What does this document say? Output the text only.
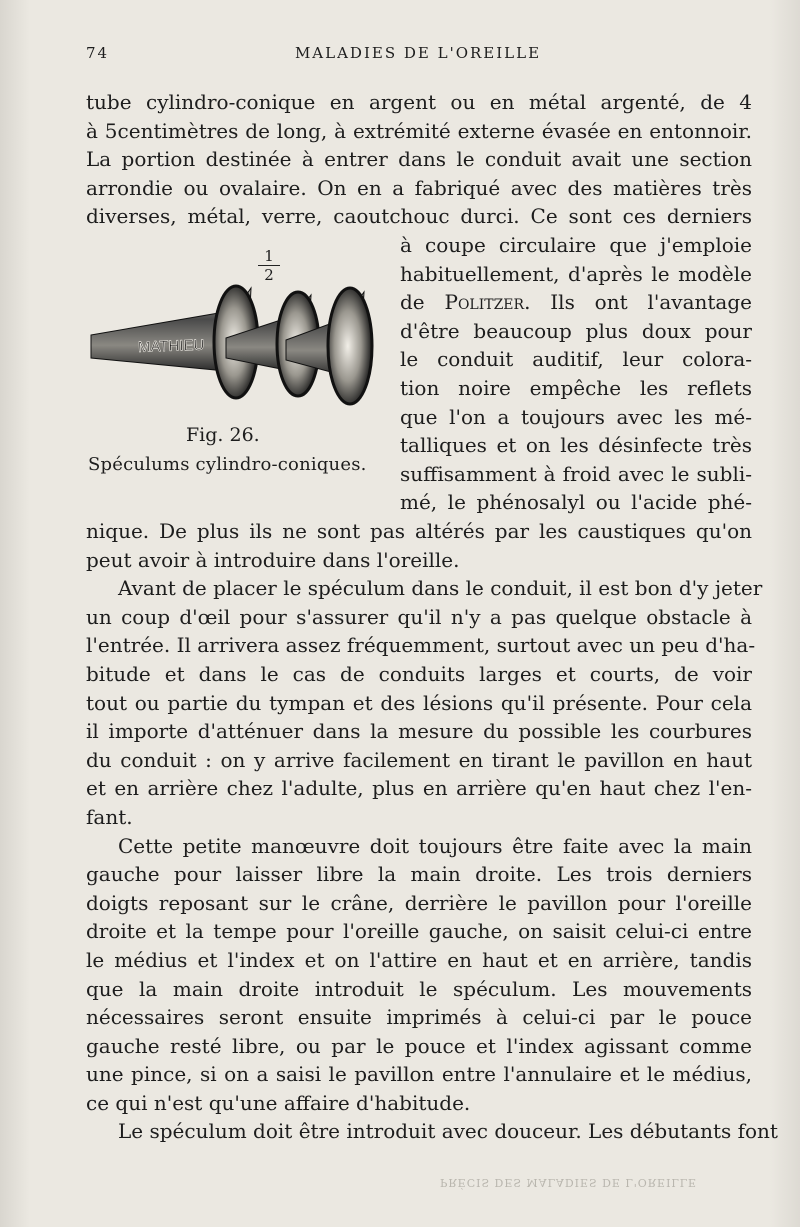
74	MALADIES DE L'OREILLE
tube cylindro-conique en argent ou en métal argenté, de 4
à 5centimètres de long, à extrémité externe évasée en entonnoir.
La portion destinée à entrer dans le conduit avait une section
arrondie ou ovalaire. On en a fabriqué avec des matières très
diverses, métal, verre, caoutchouc durci. Ce sont ces derniers
1
2
MATHIEU
Fig. 26.
Spéculums cylindro-coniques.
à coupe circulaire que j'emploie
habituellement, d'après le modèle
de Politzer. Ils ont l'avantage
d'être beaucoup plus doux pour
le conduit auditif, leur colora-
tion noire empêche les reflets
que l'on a toujours avec les mé-
talliques et on les désinfecte très
suffisamment à froid avec le subli-
mé, le phénosalyl ou l'acide phé-
nique. De plus ils ne sont pas altérés par les caustiques qu'on
peut avoir à introduire dans l'oreille.
Avant de placer le spéculum dans le conduit, il est bon d'y jeter
un coup d'œil pour s'assurer qu'il n'y a pas quelque obstacle à
l'entrée. Il arrivera assez fréquemment, surtout avec un peu d'ha-
bitude et dans le cas de conduits larges et courts, de voir
tout ou partie du tympan et des lésions qu'il présente. Pour cela
il importe d'atténuer dans la mesure du possible les courbures
du conduit : on y arrive facilement en tirant le pavillon en haut
et en arrière chez l'adulte, plus en arrière qu'en haut chez l'en-
fant.
Cette petite manœuvre doit toujours être faite avec la main
gauche pour laisser libre la main droite. Les trois derniers
doigts reposant sur le crâne, derrière le pavillon pour l'oreille
droite et la tempe pour l'oreille gauche, on saisit celui-ci entre
le médius et l'index et on l'attire en haut et en arrière, tandis
que la main droite introduit le spéculum. Les mouvements
nécessaires seront ensuite imprimés à celui-ci par le pouce
gauche resté libre, ou par le pouce et l'index agissant comme
une pince, si on a saisi le pavillon entre l'annulaire et le médius,
ce qui n'est qu'une affaire d'habitude.
Le spéculum doit être introduit avec douceur. Les débutants font
PRÉCIS DES MALADIES DE L'OREILLE
